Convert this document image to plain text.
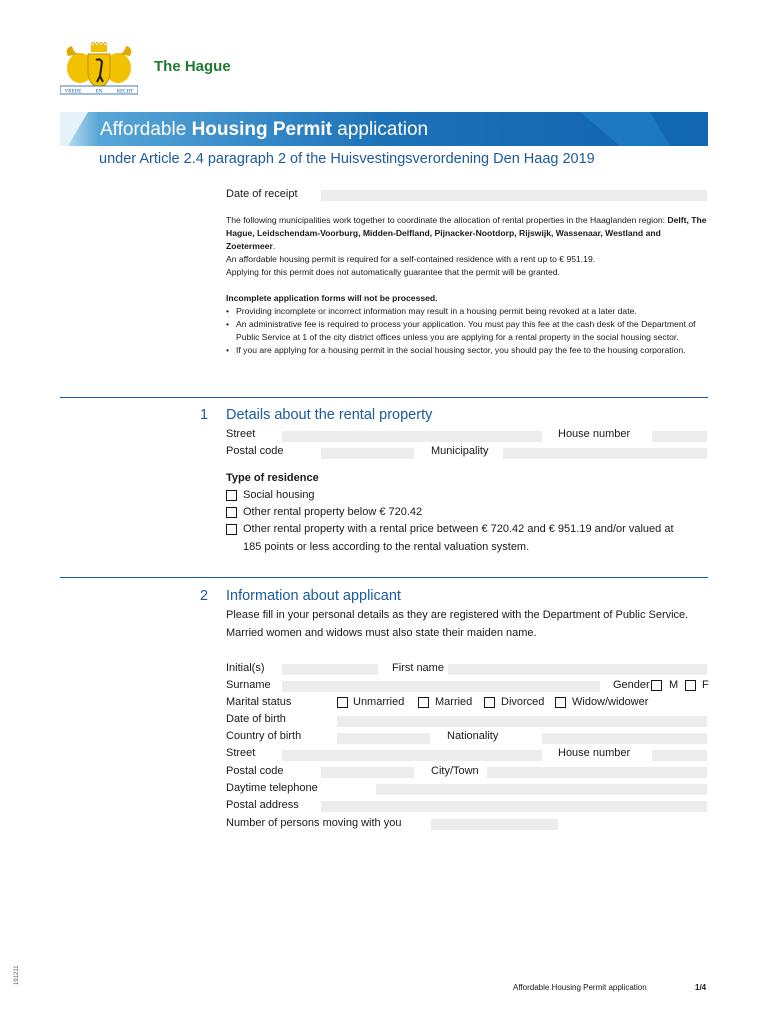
VREDE	EN	RECHT
The Hague
Affordable Housing Permit application
under Article 2.4 paragraph 2 of the Huisvestingsverordening Den Haag 2019
Date of receipt
The following municipalities work together to coordinate the allocation of rental properties in the Haaglanden region: Delft, The Hague, Leidschendam-Voorburg, Midden-Delfland, Pijnacker-Nootdorp, Rijswijk, Wassenaar, Westland and Zoetermeer.
An affordable housing permit is required for a self-contained residence with a rent up to € 951.19.
Applying for this permit does not automatically guarantee that the permit will be granted.
Incomplete application forms will not be processed.
• Providing incomplete or incorrect information may result in a housing permit being revoked at a later date.
• An administrative fee is required to process your application. You must pay this fee at the cash desk of the Department of Public Service at 1 of the city district offices unless you are applying for a rental property in the social housing sector.
• If you are applying for a housing permit in the social housing sector, you should pay the fee to the housing corporation.
1 Details about the rental property
Street	House number
Postal code	Municipality
Type of residence
Social housing
Other rental property below € 720.42
Other rental property with a rental price between € 720.42 and € 951.19 and/or valued at
185 points or less according to the rental valuation system.
2 Information about applicant
Please fill in your personal details as they are registered with the Department of Public Service.
Married women and widows must also state their maiden name.
Initial(s)	First name
Surname	Gender M F
Marital status	Unmarried	Married	Divorced	Widow/widower
Date of birth
Country of birth	Nationality
Street	House number
Postal code	City/Town
Daytime telephone
Postal address
Number of persons moving with you
191211
Affordable Housing Permit application	1/4
